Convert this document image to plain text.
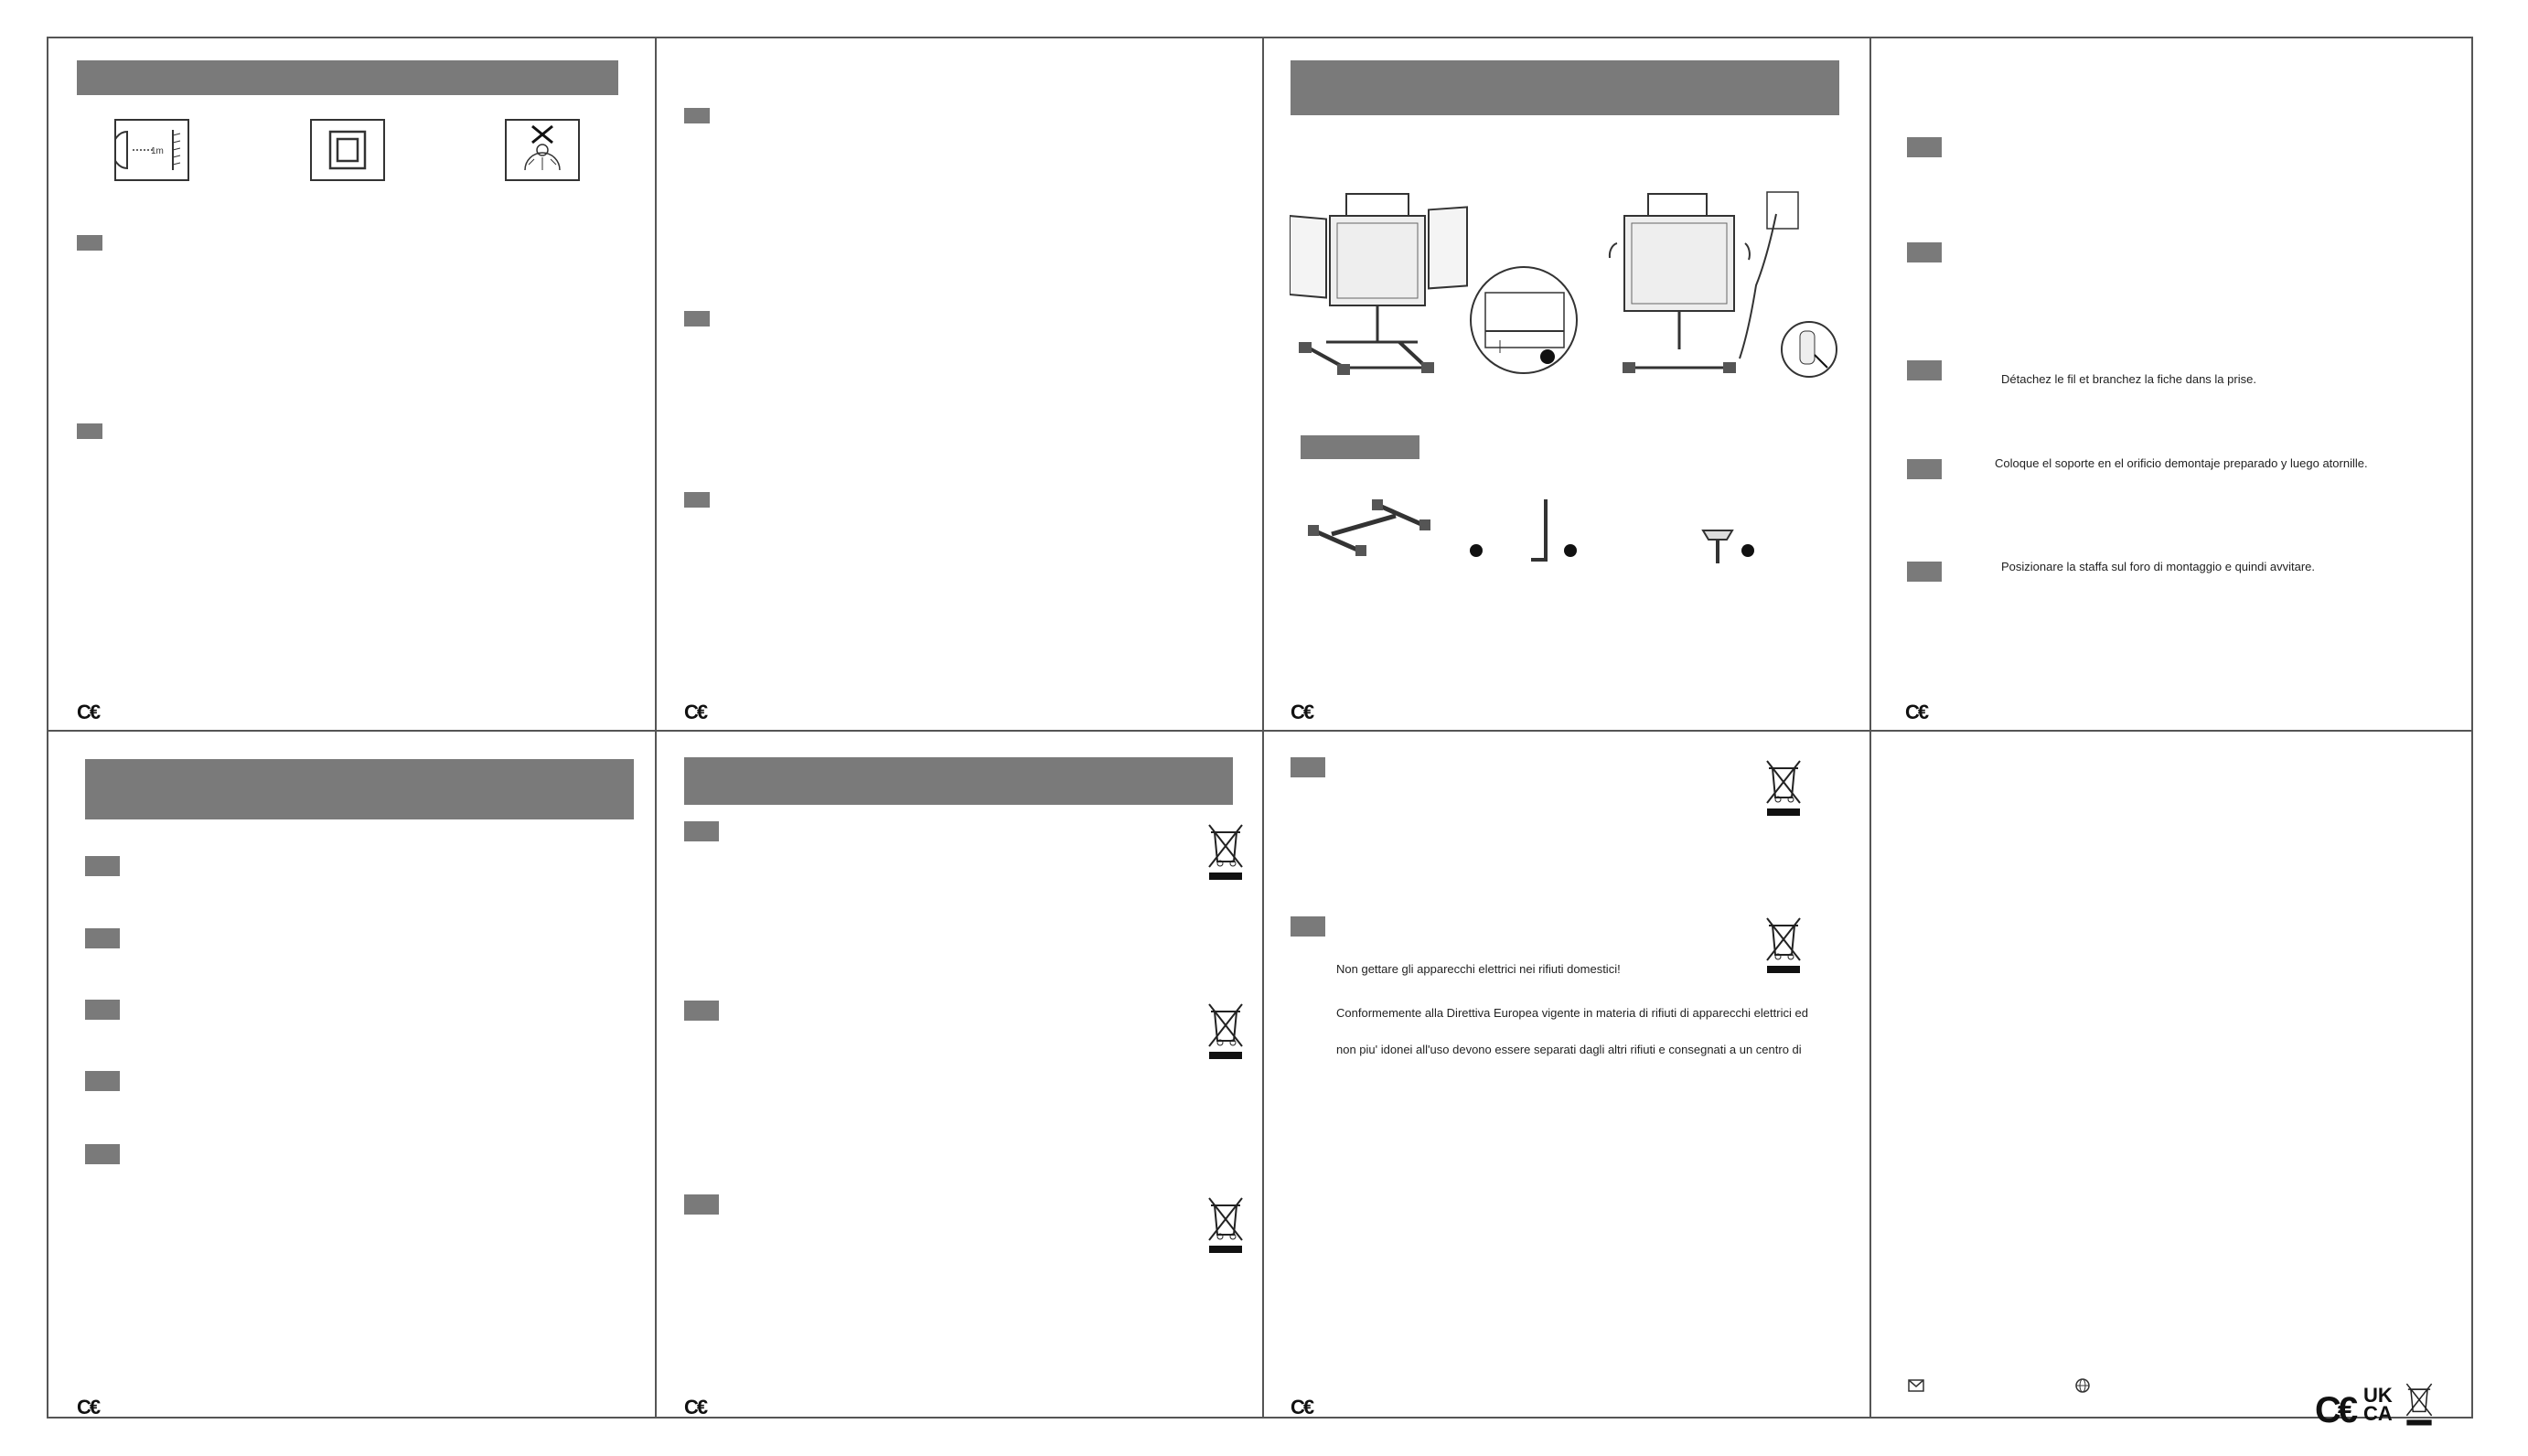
1m
C€	C€	C€
Détachez le fil et branchez la fiche dans la prise.
Coloque el soporte en el orificio demontaje preparado y luego atornille.
Posizionare la staffa sul foro di montaggio e quindi avvitare.
C€
C€	C€
Non gettare gli apparecchi elettrici nei rifiuti domestici!
Conformemente alla Direttiva Europea vigente in materia di rifiuti di apparecchi elettrici ed
non piu' idonei all'uso devono essere separati dagli altri rifiuti e consegnati a un centro di
C€	C€ UK
CA
